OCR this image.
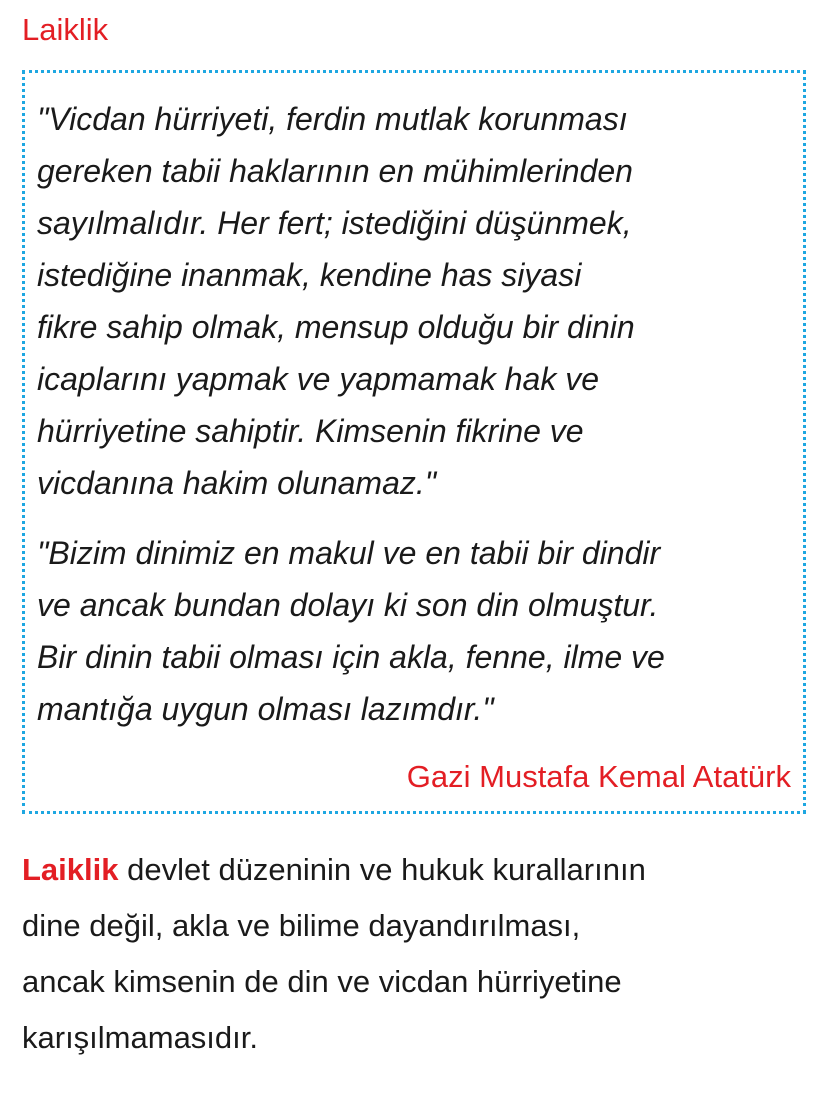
Laiklik

"Vicdan hürriyeti, ferdin mutlak korunması
gereken tabii haklarının en mühimlerinden
sayılmalıdır. Her fert; istediğini düşünmek,
istediğine inanmak, kendine has siyasi
fikre sahip olmak, mensup olduğu bir dinin
icaplarını yapmak ve yapmamak hak ve
hürriyetine sahiptir. Kimsenin fikrine ve
vicdanına hakim olunamaz."

"Bizim dinimiz en makul ve en tabii bir dindir
ve ancak bundan dolayı ki son din olmuştur.
Bir dinin tabii olması için akla, fenne, ilme ve
mantığa uygun olması lazımdır."

Gazi Mustafa Kemal Atatürk

Laiklik devlet düzeninin ve hukuk kurallarının
dine değil, akla ve bilime dayandırılması,
ancak kimsenin de din ve vicdan hürriyetine
karışılmamasıdır.
